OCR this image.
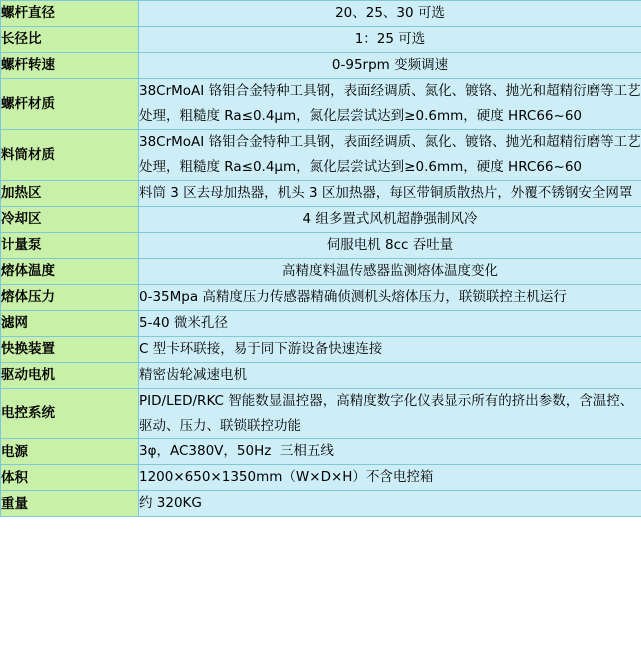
螺杆直径	20、25、30 可选

长径比	1：25 可选

螺杆转速	0-95rpm 变频调速

螺杆材质	38CrMoAI 铬钼合金特种工具钢，表面经调质、氮化、镀铬、抛光和超精衍磨等工艺处理，粗糙度 Ra≤0.4μm，氮化层尝试达到≥0.6mm，硬度 HRC66~60

料筒材质	38CrMoAI 铬钼合金特种工具钢，表面经调质、氮化、镀铬、抛光和超精衍磨等工艺处理，粗糙度 Ra≤0.4μm，氮化层尝试达到≥0.6mm，硬度 HRC66~60

加热区	料筒 3 区去母加热器，机头 3 区加热器，每区带铜质散热片，外覆不锈钢安全网罩

冷却区	4 组多置式风机超静强制风冷

计量泵	伺服电机 8cc 吞吐量

熔体温度	高精度料温传感器监测熔体温度变化

熔体压力	0-35Mpa 高精度压力传感器精确侦测机头熔体压力，联锁联控主机运行

滤网	5-40 微米孔径

快换装置	C 型卡环联接，易于同下游设备快速连接

驱动电机	精密齿轮减速电机

电控系统	PID/LED/RKC 智能数显温控器，高精度数字化仪表显示所有的挤出参数，含温控、驱动、压力、联锁联控功能

电源	3φ，AC380V，50Hz  三相五线

体积	1200×650×1350mm（W×D×H）不含电控箱

重量	约 320KG
